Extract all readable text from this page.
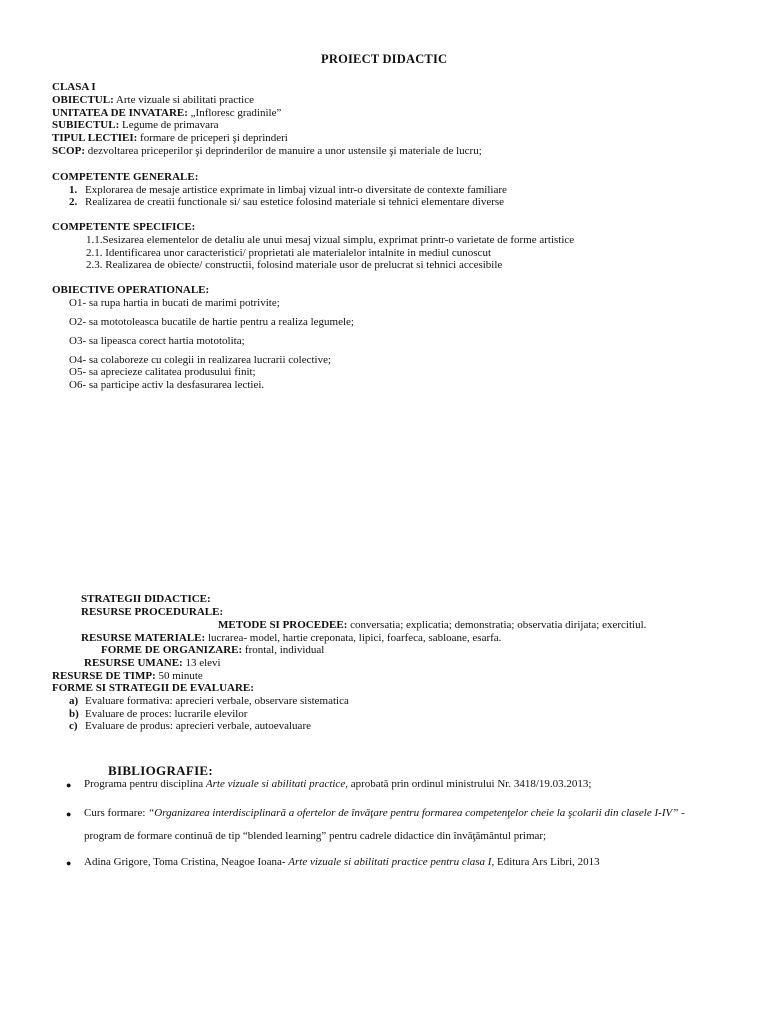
PROIECT DIDACTIC
CLASA I
OBIECTUL: Arte vizuale si abilitati practice
UNITATEA DE INVATARE: „Infloresc gradinile”
SUBIECTUL: Legume de primavara
TIPUL LECTIEI: formare de priceperi şi deprinderi
SCOP: dezvoltarea priceperilor şi deprinderilor de manuire a unor ustensile şi materiale de lucru;
COMPETENTE GENERALE:
1. Explorarea de mesaje artistice exprimate in limbaj vizual intr-o diversitate de contexte familiare
2. Realizarea de creatii functionale si/ sau estetice folosind materiale si tehnici elementare diverse
COMPETENTE SPECIFICE:
1.1.Sesizarea elementelor de detaliu ale unui mesaj vizual simplu, exprimat printr-o varietate de forme artistice
2.1. Identificarea unor caracteristici/ proprietati ale materialelor intalnite in mediul cunoscut
2.3. Realizarea de obiecte/ constructii, folosind materiale usor de prelucrat si tehnici accesibile
OBIECTIVE OPERATIONALE:
O1- sa rupa hartia in bucati de marimi potrivite;
O2- sa mototoleasca bucatile de hartie pentru a realiza legumele;
O3- sa lipeasca corect hartia mototolita;
O4- sa colaboreze cu colegii in realizarea lucrarii colective;
O5- sa aprecieze calitatea produsului finit;
O6- sa participe activ la desfasurarea lectiei.
STRATEGII DIDACTICE:
RESURSE PROCEDURALE:
METODE SI PROCEDEE: conversatia; explicatia; demonstratia; observatia dirijata; exercitiul.
RESURSE MATERIALE: lucrarea- model, hartie creponata, lipici, foarfeca, sabloane, esarfa.
FORME DE ORGANIZARE: frontal, individual
RESURSE UMANE: 13 elevi
RESURSE DE TIMP: 50 minute
FORME SI STRATEGII DE EVALUARE:
a) Evaluare formativa: aprecieri verbale, observare sistematica
b) Evaluare de proces: lucrarile elevilor
c) Evaluare de produs: aprecieri verbale, autoevaluare
BIBLIOGRAFIE:
● Programa pentru disciplina Arte vizuale si abilitati practice, aprobată prin ordinul ministrului Nr. 3418/19.03.2013;
● Curs formare: “Organizarea interdisciplinară a ofertelor de învăţare pentru formarea competenţelor cheie la şcolarii din clasele I-IV” -
program de formare continuă de tip “blended learning” pentru cadrele didactice din învăţământul primar;
● Adina Grigore, Toma Cristina, Neagoe Ioana- Arte vizuale si abilitati practice pentru clasa I, Editura Ars Libri, 2013
